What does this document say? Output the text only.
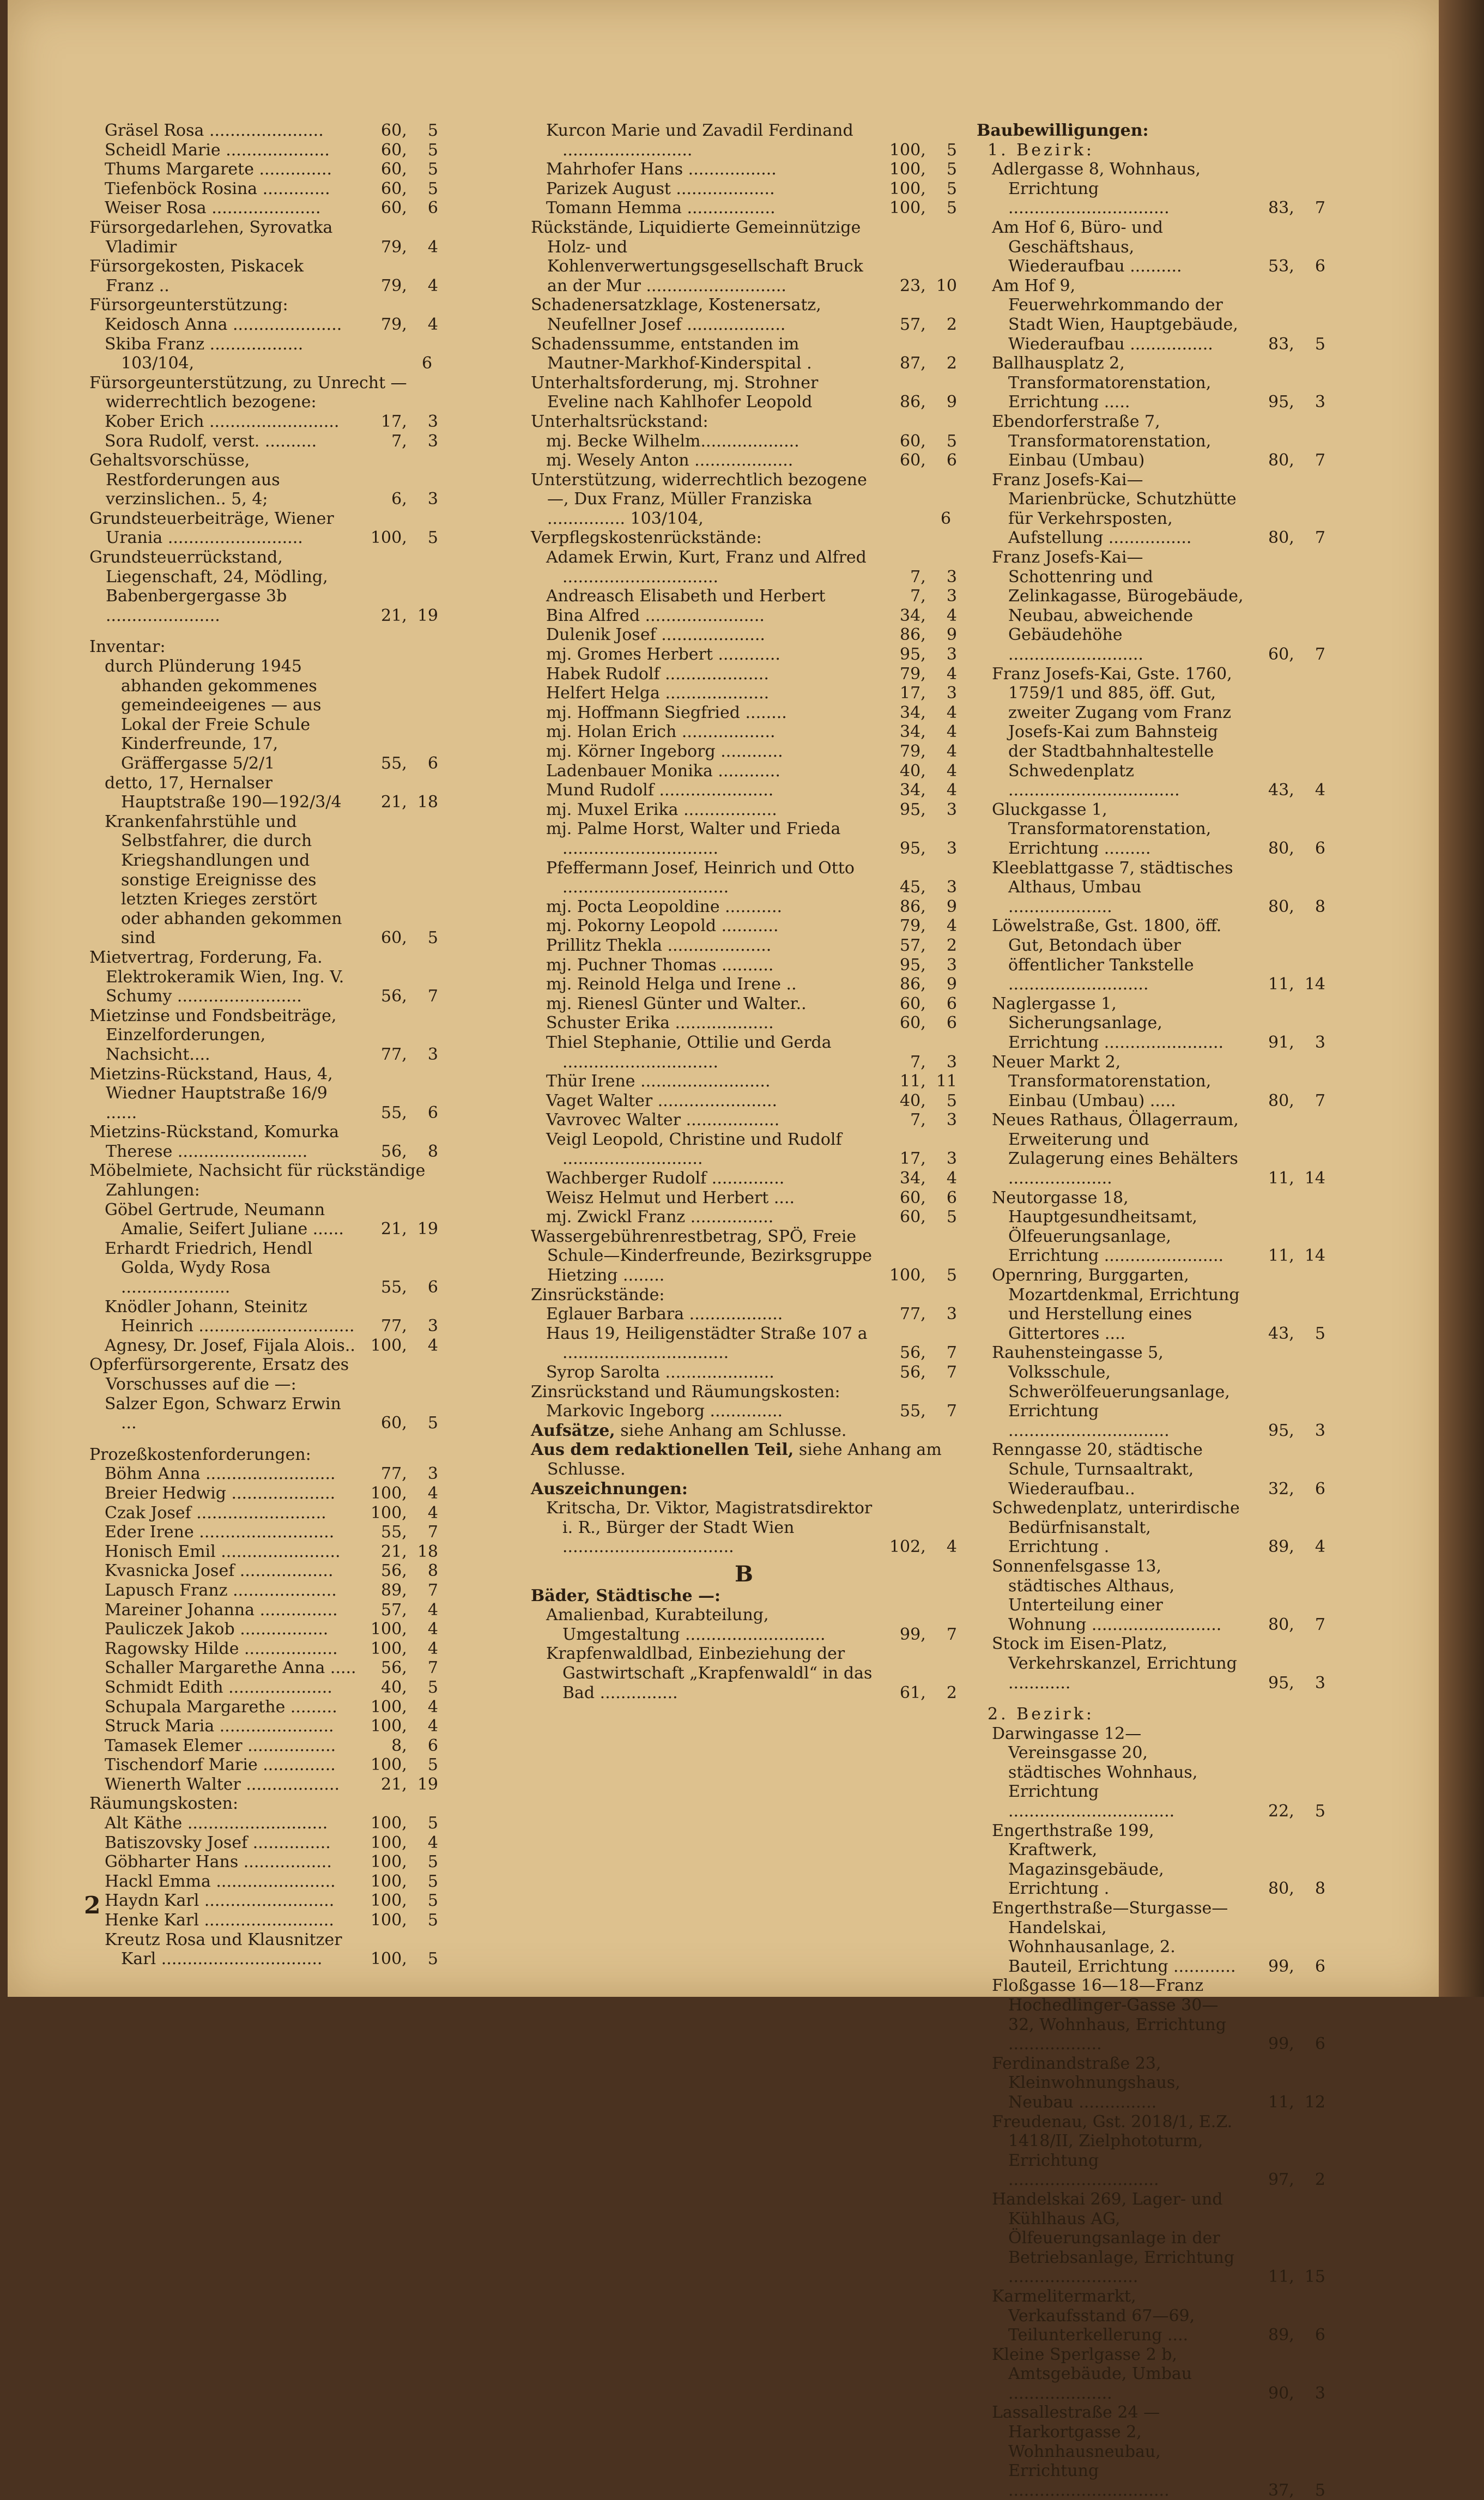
Gräsel Rosa ......................	60,    5
Scheidl Marie ....................	60,    5
Thums Margarete ..............	60,    5
Tiefenböck Rosina .............	60,    5
Weiser Rosa .....................	60,    6
Fürsorgedarlehen, Syrovatka Vladimir	79,    4
Fürsorgekosten, Piskacek Franz ..	79,    4
Fürsorgeunterstützung:
Keidosch Anna .....................	79,    4
Skiba Franz .................. 103/104,	6
Fürsorgeunterstützung, zu Unrecht — widerrechtlich bezogene:
Kober Erich .........................	17,    3
Sora Rudolf, verst. ..........	7,    3
Gehaltsvorschüsse, Restforderungen aus verzinslichen.. 5, 4;	6,    3
Grundsteuerbeiträge, Wiener Urania ..........................	100,    5
Grundsteuerrückstand, Liegenschaft, 24, Mödling, Babenbergergasse 3b ......................	21,  19
Inventar:
durch Plünderung 1945 abhanden gekommenes gemeindeeigenes — aus Lokal der Freie Schule Kinderfreunde, 17, Gräffergasse 5/2/1	55,    6
detto, 17, Hernalser Hauptstraße 190—192/3/4	21,  18
Krankenfahrstühle und Selbstfahrer, die durch Kriegshandlungen und sonstige Ereignisse des letzten Krieges zerstört oder abhanden gekommen sind	60,    5
Mietvertrag, Forderung, Fa. Elektrokeramik Wien, Ing. V. Schumy ........................	56,    7
Mietzinse und Fondsbeiträge, Einzelforderungen, Nachsicht....	77,    3
Mietzins-Rückstand, Haus, 4, Wiedner Hauptstraße 16/9 ......	55,    6
Mietzins-Rückstand, Komurka Therese .........................	56,    8
Möbelmiete, Nachsicht für rückständige Zahlungen:
Göbel Gertrude, Neumann Amalie, Seifert Juliane ......	21,  19
Erhardt Friedrich, Hendl Golda, Wydy Rosa .....................	55,    6
Knödler Johann, Steinitz Heinrich .............................. 77,    3
Agnesy, Dr. Josef, Fijala Alois.. 100,    4
Opferfürsorgerente, Ersatz des Vorschusses auf die —:
Salzer Egon, Schwarz Erwin ...	60,    5
Prozeßkostenforderungen:
Böhm Anna .........................	77,    3
Breier Hedwig ....................	100,    4
Czak Josef .........................	100,    4
Eder Irene ..........................	55,    7
Honisch Emil .......................	21,  18
Kvasnicka Josef ..................	56,    8
Lapusch Franz ....................	89,    7
Mareiner Johanna ...............	57,    4
Pauliczek Jakob .................	100,    4
Ragowsky Hilde ..................	100,    4
Schaller Margarethe Anna ..... 56,    7
Schmidt Edith ....................	40,    5
Schupala Margarethe .........	100,    4
Struck Maria ......................	100,    4
Tamasek Elemer .................	8,    6
Tischendorf Marie ..............	100,    5
Wienerth Walter ..................	21,  19
Räumungskosten:
Alt Käthe ...........................	100,    5
Batiszovsky Josef ...............	100,    4
Göbharter Hans .................	100,    5
Hackl Emma .......................	100,    5
Haydn Karl .........................	100,    5
Henke Karl .........................	100,    5
Kreutz Rosa und Klausnitzer Karl ...............................	100,    5
Kurcon Marie und Zavadil Ferdinand .........................	100,    5
Mahrhofer Hans .................	100,    5
Parizek August ...................	100,    5
Tomann Hemma .................	100,    5
Rückstände, Liquidierte Gemeinnützige Holz- und Kohlenverwertungsgesellschaft Bruck an der Mur ...........................	23,  10
Schadenersatzklage, Kostenersatz, Neufellner Josef ...................	57,    2
Schadenssumme, entstanden im Mautner-Markhof-Kinderspital .	87,    2
Unterhaltsforderung, mj. Strohner Eveline nach Kahlhofer Leopold	86,    9
Unterhaltsrückstand:
mj. Becke Wilhelm...................	60,    5
mj. Wesely Anton ...................	60,    6
Unterstützung, widerrechtlich bezogene —, Dux Franz, Müller Franziska ............... 103/104,	6
Verpflegskostenrückstände:
Adamek Erwin, Kurt, Franz und Alfred ..............................	7,    3
Andreasch Elisabeth und Herbert	7,    3
Bina Alfred .......................	34,    4
Dulenik Josef ....................	86,    9
mj. Gromes Herbert ............	95,    3
Habek Rudolf ....................	79,    4
Helfert Helga ....................	17,    3
mj. Hoffmann Siegfried ........	34,    4
mj. Holan Erich ..................	34,    4
mj. Körner Ingeborg ............	79,    4
Ladenbauer Monika ............	40,    4
Mund Rudolf ......................	34,    4
mj. Muxel Erika ..................	95,    3
mj. Palme Horst, Walter und Frieda ..............................	95,    3
Pfeffermann Josef, Heinrich und Otto ................................	45,    3
mj. Pocta Leopoldine ...........	86,    9
mj. Pokorny Leopold ...........	79,    4
Prillitz Thekla ....................	57,    2
mj. Puchner Thomas ..........	95,    3
mj. Reinold Helga und Irene ..	86,    9
mj. Rienesl Günter und Walter..	60,    6
Schuster Erika ...................	60,    6
Thiel Stephanie, Ottilie und Gerda ..............................	7,    3
Thür Irene .........................	11,  11
Vaget Walter .......................	40,    5
Vavrovec Walter ..................	7,    3
Veigl Leopold, Christine und Rudolf ...........................	17,    3
Wachberger Rudolf ..............	34,    4
Weisz Helmut und Herbert ....	60,    6
mj. Zwickl Franz ................	60,    5
Wassergebührenrestbetrag, SPÖ, Freie Schule—Kinderfreunde, Bezirksgruppe Hietzing ........	100,    5
Zinsrückstände:
Eglauer Barbara ..................	77,    3
Haus 19, Heiligenstädter Straße 107 a ................................	56,    7
Syrop Sarolta .....................	56,    7
Zinsrückstand und Räumungskosten:
Markovic Ingeborg ..............	55,    7
Aufsätze, siehe Anhang am Schlusse.
Aus dem redaktionellen Teil, siehe Anhang am Schlusse.
Auszeichnungen:
Kritscha, Dr. Viktor, Magistratsdirektor i. R., Bürger der Stadt Wien .................................	102,    4
B
Bäder, Städtische —:
Amalienbad, Kurabteilung, Umgestaltung ...........................	99,    7
Krapfenwaldlbad, Einbeziehung der Gastwirtschaft „Krapfenwaldl“ in das Bad ...............	61,    2
Baubewilligungen:
1. Bezirk:
Adlergasse 8, Wohnhaus, Errichtung ...............................	83,    7
Am Hof 6, Büro- und Geschäftshaus, Wiederaufbau ..........	53,    6
Am Hof 9, Feuerwehrkommando der Stadt Wien, Hauptgebäude, Wiederaufbau ................	83,    5
Ballhausplatz 2, Transformatorenstation, Errichtung .....	95,    3
Ebendorferstraße 7, Transformatorenstation, Einbau (Umbau)	80,    7
Franz Josefs-Kai—Marienbrücke, Schutzhütte für Verkehrsposten, Aufstellung ................	80,    7
Franz Josefs-Kai—Schottenring und Zelinkagasse, Bürogebäude, Neubau, abweichende Gebäudehöhe ..........................	60,    7
Franz Josefs-Kai, Gste. 1760, 1759/1 und 885, öff. Gut, zweiter Zugang vom Franz Josefs-Kai zum Bahnsteig der Stadtbahnhaltestelle Schwedenplatz .................................	43,    4
Gluckgasse 1, Transformatorenstation, Errichtung .........	80,    6
Kleeblattgasse 7, städtisches Althaus, Umbau ....................	80,    8
Löwelstraße, Gst. 1800, öff. Gut, Betondach über öffentlicher Tankstelle ...........................	11,  14
Naglergasse 1, Sicherungsanlage, Errichtung .......................	91,    3
Neuer Markt 2, Transformatorenstation, Einbau (Umbau) .....	80,    7
Neues Rathaus, Öllagerraum, Erweiterung und Zulagerung eines Behälters ....................	11,  14
Neutorgasse 18, Hauptgesundheitsamt, Ölfeuerungsanlage, Errichtung .......................	11,  14
Opernring, Burggarten, Mozartdenkmal, Errichtung und Herstellung eines Gittertores ....	43,    5
Rauhensteingasse 5, Volksschule, Schwerölfeuerungsanlage, Errichtung ...............................	95,    3
Renngasse 20, städtische Schule, Turnsaaltrakt, Wiederaufbau..	32,    6
Schwedenplatz, unterirdische Bedürfnisanstalt, Errichtung .	89,    4
Sonnenfelsgasse 13, städtisches Althaus, Unterteilung einer Wohnung .........................	80,    7
Stock im Eisen-Platz, Verkehrskanzel, Errichtung ............	95,    3
2. Bezirk:
Darwingasse 12—Vereinsgasse 20, städtisches Wohnhaus, Errichtung ................................	22,    5
Engerthstraße 199, Kraftwerk, Magazinsgebäude, Errichtung .	80,    8
Engerthstraße—Sturgasse—Handelskai, Wohnhausanlage, 2. Bauteil, Errichtung ............	99,    6
Floßgasse 16—18—Franz Hochedlinger-Gasse 30—32, Wohnhaus, Errichtung ..................	99,    6
Ferdinandstraße 23, Kleinwohnungshaus, Neubau ...............	11,  12
Freudenau, Gst. 2018/1, E.Z. 1418/II, Zielphototurm, Errichtung .............................	97,    2
Handelskai 269, Lager- und Kühlhaus AG, Ölfeuerungsanlage in der Betriebsanlage, Errichtung .........................	11,  15
Karmelitermarkt, Verkaufsstand 67—69, Teilunterkellerung ....	89,    6
Kleine Sperlgasse 2 b, Amtsgebäude, Umbau ....................	90,    3
Lassallestraße 24 — Harkortgasse 2, Wohnhausneubau, Errichtung ...............................	37,    5
2
